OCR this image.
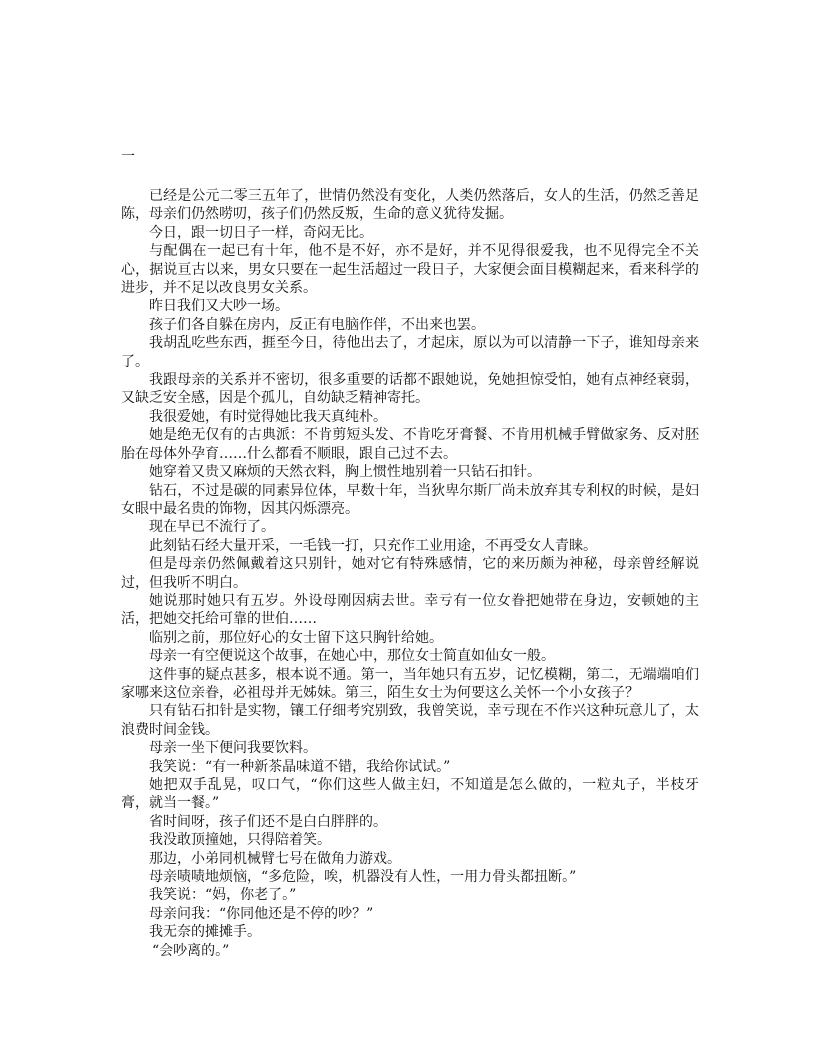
一

已经是公元二零三五年了，世情仍然没有变化，人类仍然落后，女人的生活，仍然乏善足陈，母亲们仍然唠叨，孩子们仍然反叛，生命的意义犹待发掘。

今日，跟一切日子一样，奇闷无比。

与配偶在一起已有十年，他不是不好，亦不是好，并不见得很爱我，也不见得完全不关心，据说亘古以来，男女只要在一起生活超过一段日子，大家便会面目模糊起来，看来科学的进步，并不足以改良男女关系。

昨日我们又大吵一场。

孩子们各自躲在房内，反正有电脑作伴，不出来也罢。

我胡乱吃些东西，捱至今日，待他出去了，才起床，原以为可以清静一下子，谁知母亲来了。

我跟母亲的关系并不密切，很多重要的话都不跟她说，免她担惊受怕，她有点神经衰弱，又缺乏安全感，因是个孤儿，自幼缺乏精神寄托。

我很爱她，有时觉得她比我天真纯朴。

她是绝无仅有的古典派：不肯剪短头发、不肯吃牙膏餐、不肯用机械手臂做家务、反对胚胎在母体外孕育……什么都看不顺眼，跟自己过不去。

她穿着又贵又麻烦的天然衣料，胸上惯性地别着一只钻石扣针。

钻石，不过是碳的同素异位体，早数十年，当狄卑尔斯厂尚未放弃其专利权的时候，是妇女眼中最名贵的饰物，因其闪烁漂亮。

现在早已不流行了。

此刻钻石经大量开采，一毛钱一打，只充作工业用途，不再受女人青睐。

但是母亲仍然佩戴着这只别针，她对它有特殊感情，它的来历颇为神秘，母亲曾经解说过，但我听不明白。

她说那时她只有五岁。外设母刚因病去世。幸亏有一位女眷把她带在身边，安顿她的主活，把她交托给可靠的世伯……

临别之前，那位好心的女士留下这只胸针给她。

母亲一有空便说这个故事，在她心中，那位女士简直如仙女一般。

这件事的疑点甚多，根本说不通。第一，当年她只有五岁，记忆模糊，第二，无端端咱们家哪来这位亲眷，必祖母并无姊妹。第三，陌生女士为何要这么关怀一个小女孩子？

只有钻石扣针是实物，镶工仔细考究别致，我曾笑说，幸亏现在不作兴这种玩意儿了，太浪费时间金钱。

母亲一坐下便问我要饮料。

我笑说：“有一种新茶晶味道不错，我给你试试。”

她把双手乱晃，叹口气，“你们这些人做主妇，不知道是怎么做的，一粒丸子，半枝牙膏，就当一餐。”

省时间呀，孩子们还不是白白胖胖的。

我没敢顶撞她，只得陪着笑。

那边，小弟同机械臂七号在做角力游戏。

母亲啧啧地烦恼，“多危险，唉，机器没有人性，一用力骨头都扭断。”

我笑说：“妈，你老了。”

母亲问我：“你同他还是不停的吵？”

我无奈的摊摊手。

“会吵离的。”
